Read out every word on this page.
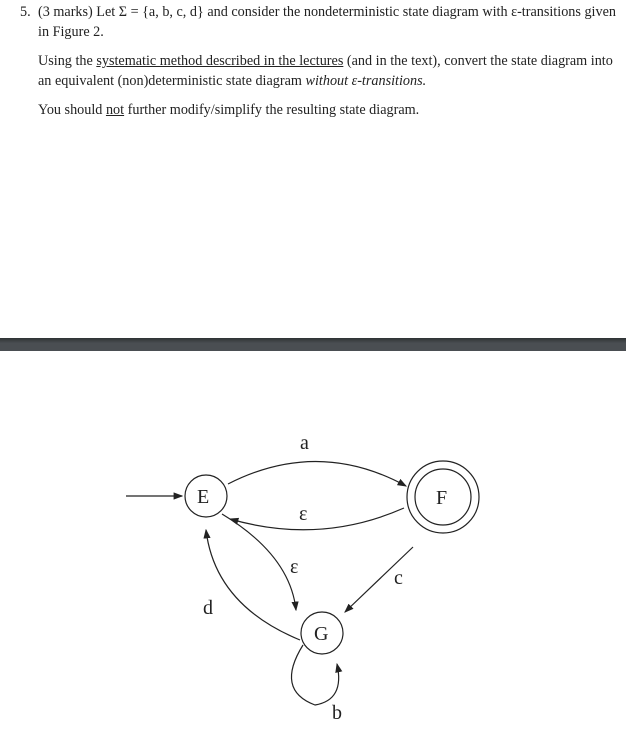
5. (3 marks) Let Σ = {a, b, c, d} and consider the nondeterministic state diagram with ε-transitions given in Figure 2.

Using the systematic method described in the lectures (and in the text), convert the state diagram into an equivalent (non)deterministic state diagram without ε-transitions.

You should not further modify/simplify the resulting state diagram.

E	F
G
a
ε
ε	c
d
b
